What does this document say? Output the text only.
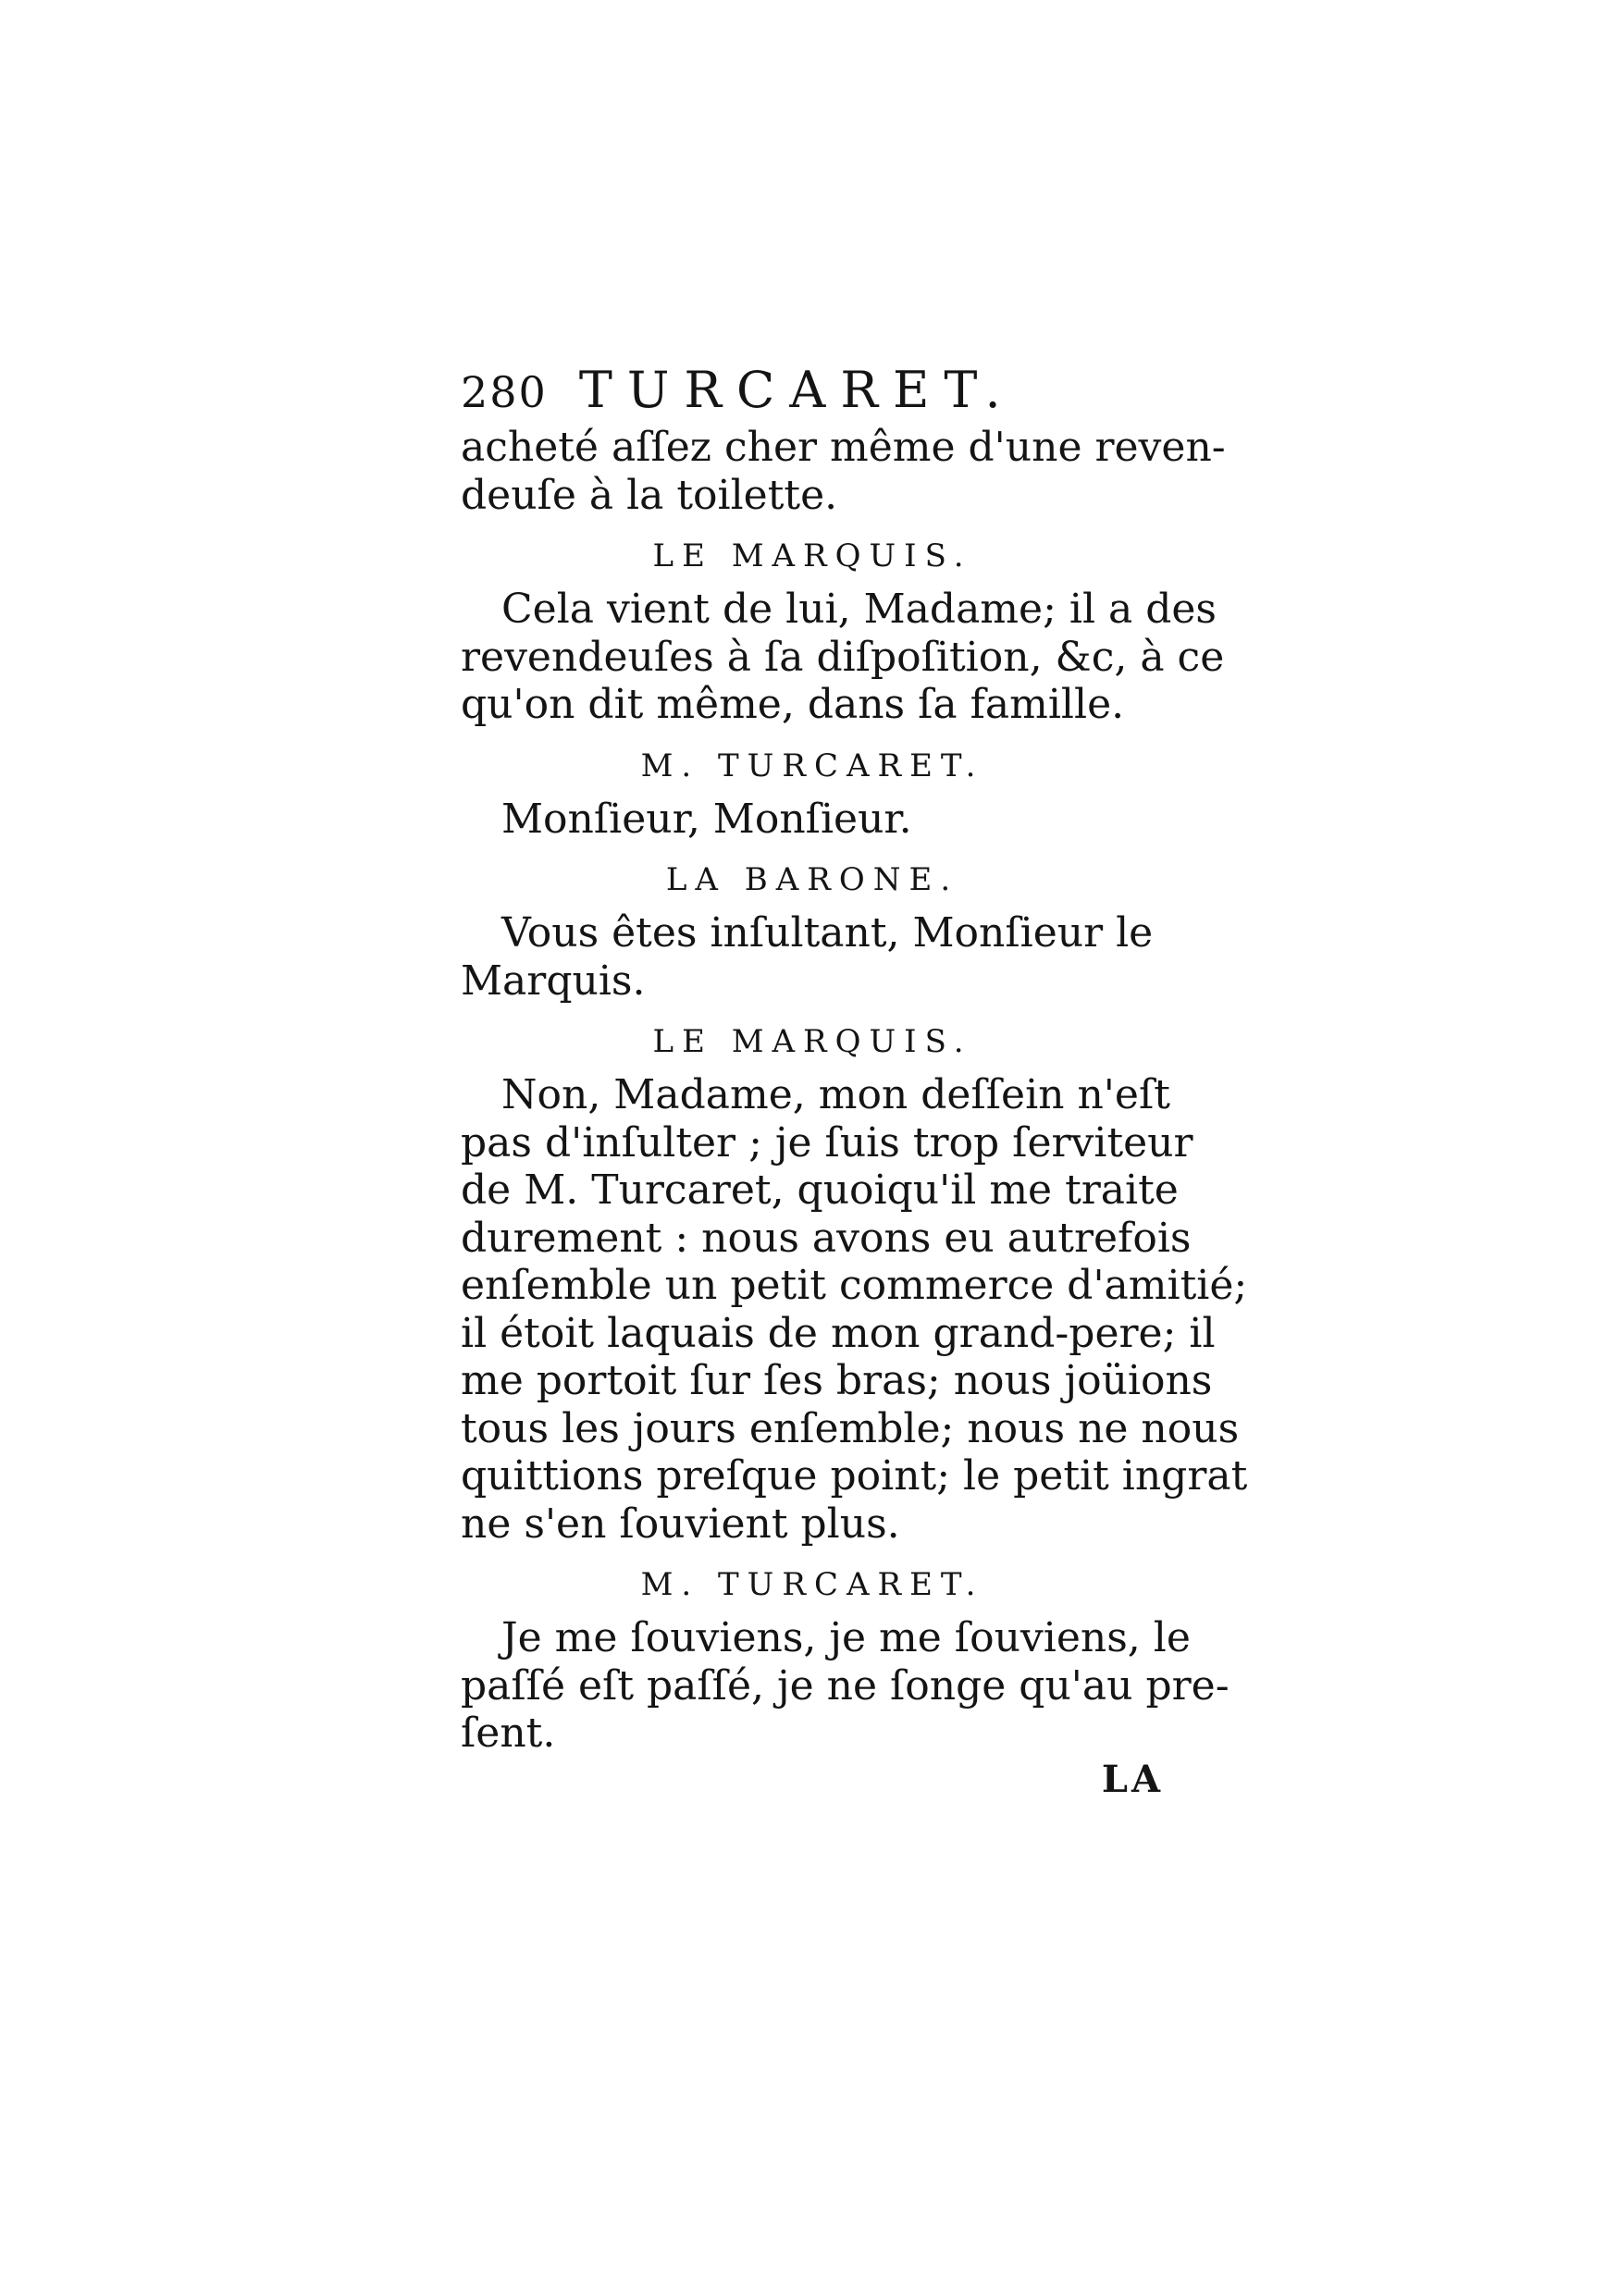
280 TURCARET.
acheté aſſez cher même d'une reven-
deuſe à la toilette.
LE MARQUIS.
Cela vient de lui, Madame; il a des
revendeuſes à ſa diſpoſition, &c, à ce
qu'on dit même, dans ſa famille.
M. TURCARET.
Monſieur, Monſieur.
LA BARONE.
Vous êtes inſultant, Monſieur le
Marquis.
LE MARQUIS.
Non, Madame, mon deſſein n'eſt
pas d'inſulter ; je ſuis trop ſerviteur
de M. Turcaret, quoiqu'il me traite
durement : nous avons eu autrefois
enſemble un petit commerce d'amitié;
il étoit laquais de mon grand-pere; il
me portoit ſur ſes bras; nous joüions
tous les jours enſemble; nous ne nous
quittions preſque point; le petit ingrat
ne s'en ſouvient plus.
M. TURCARET.
Je me ſouviens, je me ſouviens, le
paſſé eſt paſſé, je ne ſonge qu'au pre-
ſent.
LA
